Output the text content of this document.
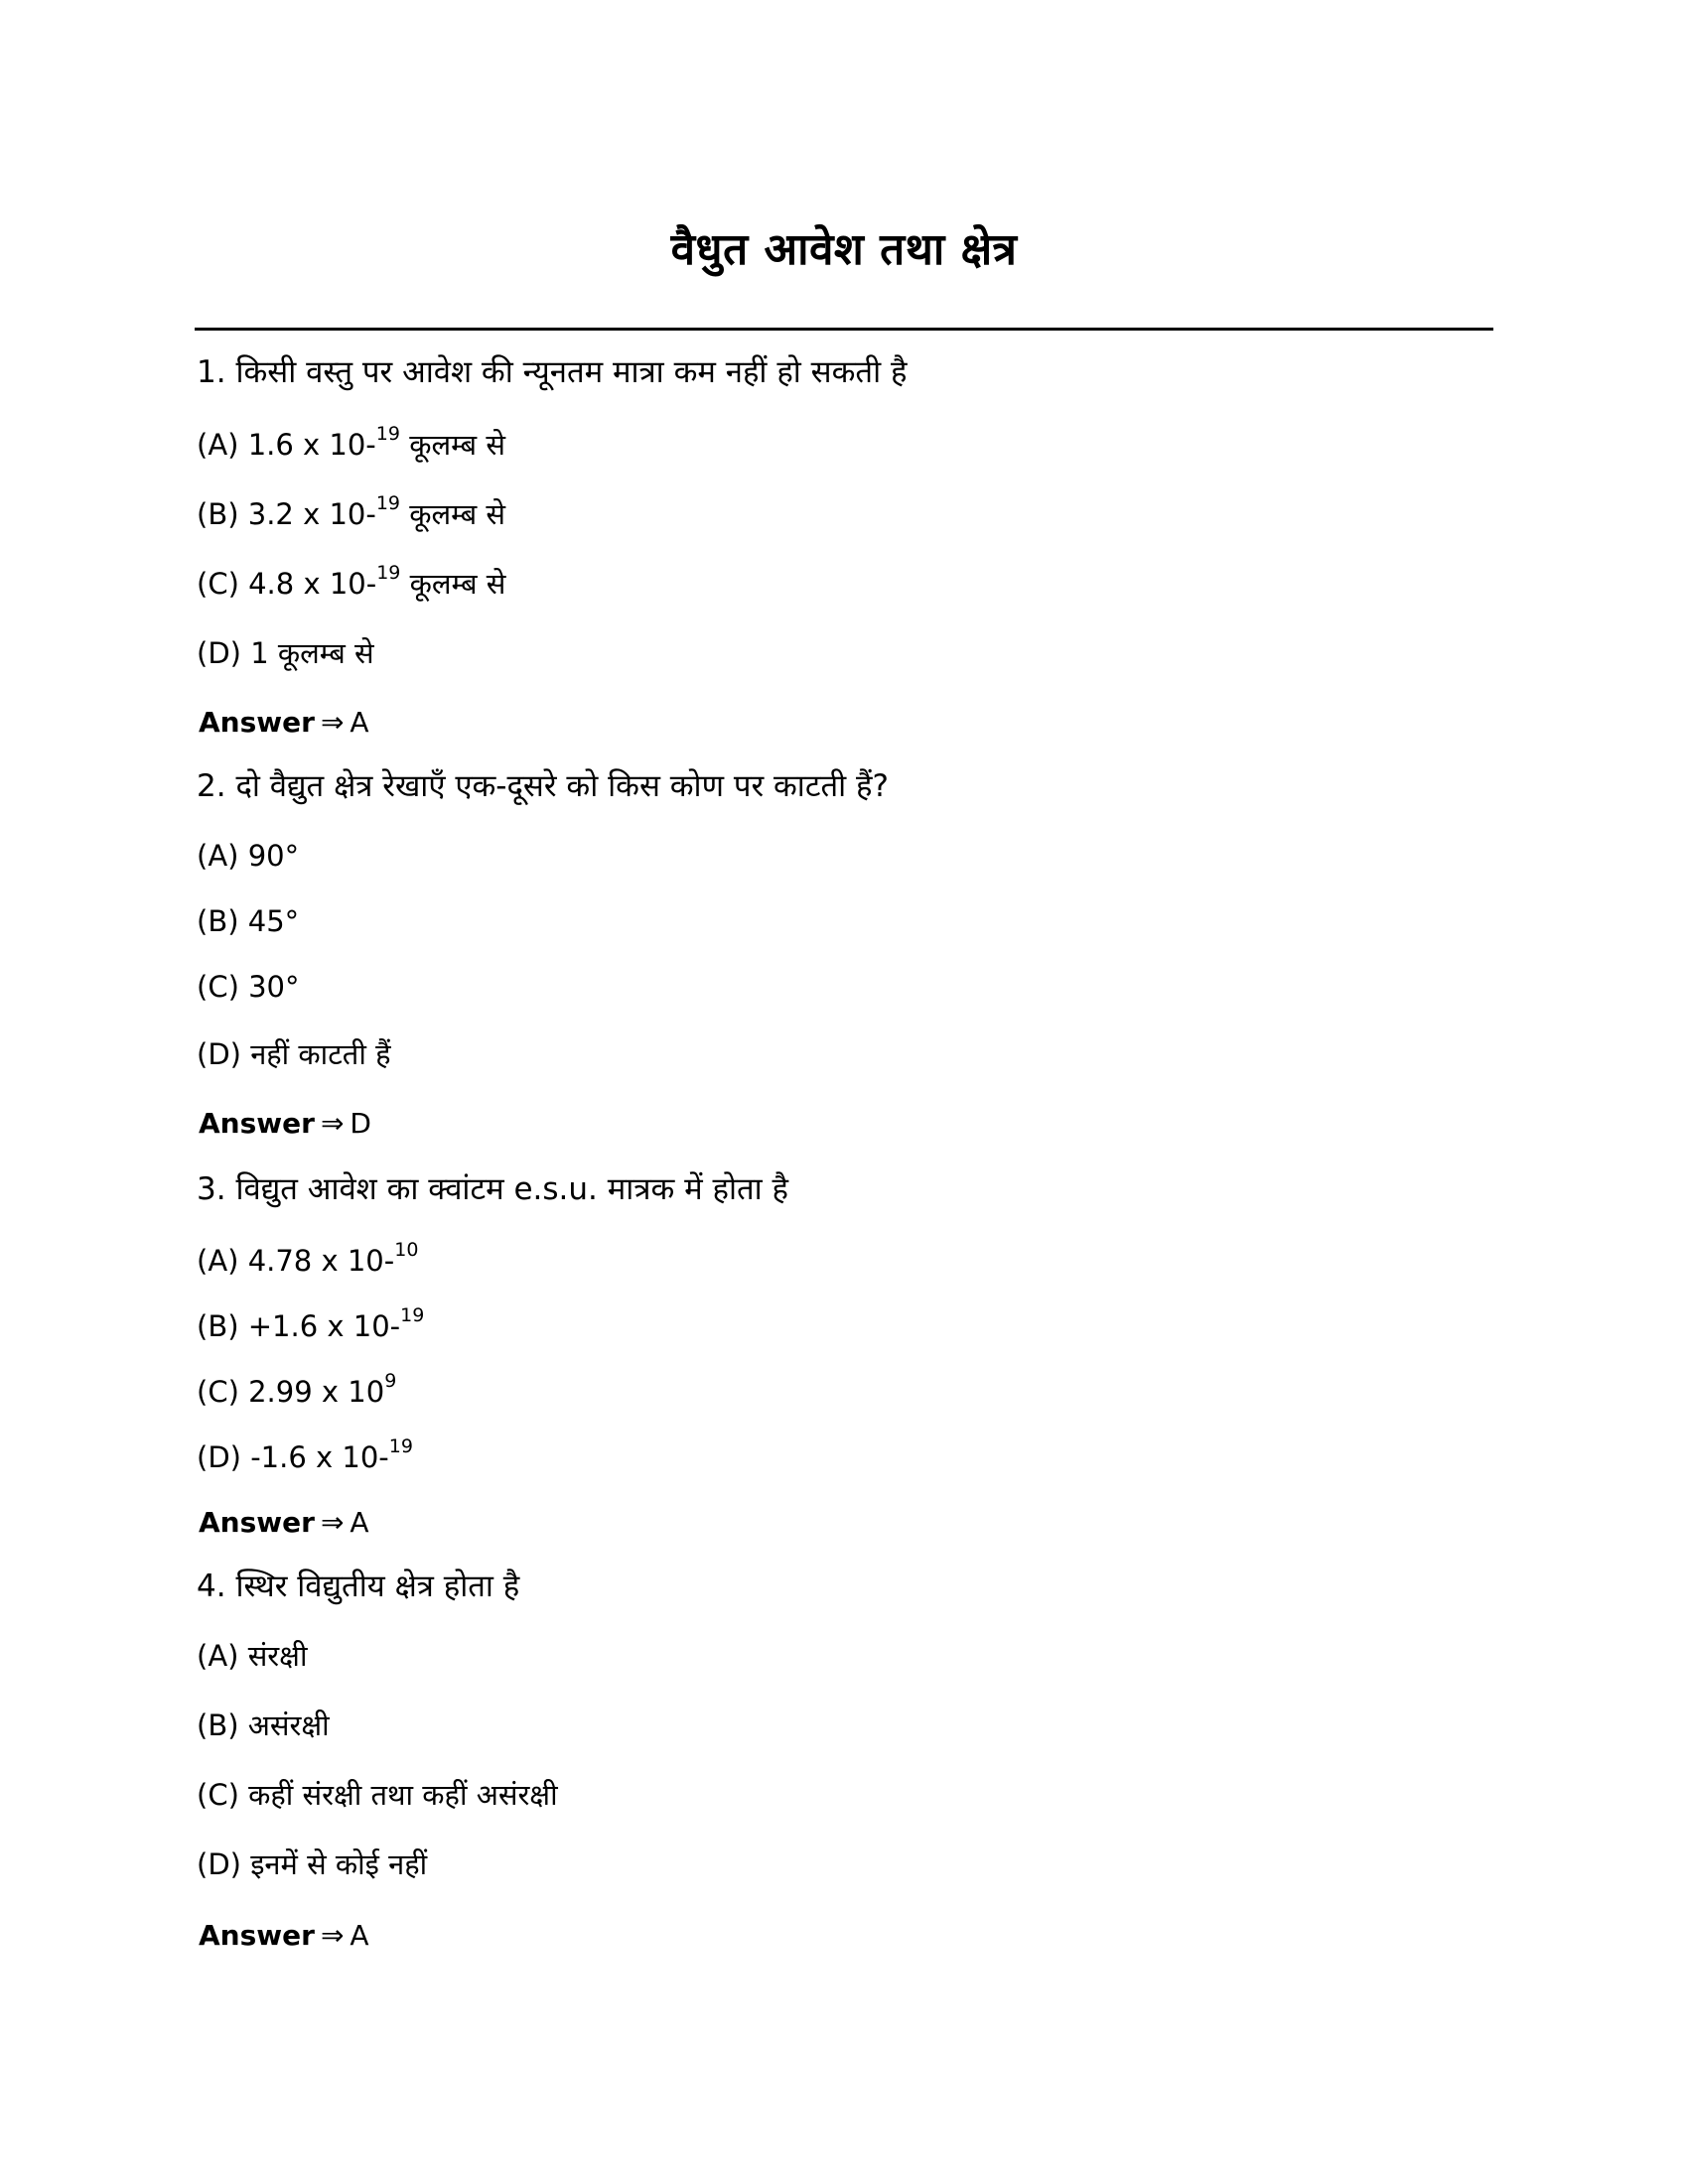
वैधुत आवेश तथा क्षेत्र
1. किसी वस्तु पर आवेश की न्यूनतम मात्रा कम नहीं हो सकती है
(A) 1.6 x 10-$^{19}$ कूलम्ब से
(B) 3.2 x 10-$^{19}$ कूलम्ब से
(C) 4.8 x 10-$^{19}$ कूलम्ब से
(D) 1 कूलम्ब से
Answer ⇒ A
2. दो वैद्युत क्षेत्र रेखाएँ एक-दूसरे को किस कोण पर काटती हैं?
(A) 90°
(B) 45°
(C) 30°
(D) नहीं काटती हैं
Answer ⇒ D
3. विद्युत आवेश का क्वांटम e.s.u. मात्रक में होता है
(A) 4.78 x 10-$^{10}$
(B) +1.6 x 10-$^{19}$
(C) 2.99 x $10^9$
(D) -1.6 x 10-$^{19}$
Answer ⇒ A
4. स्थिर विद्युतीय क्षेत्र होता है
(A) संरक्षी
(B) असंरक्षी
(C) कहीं संरक्षी तथा कहीं असंरक्षी
(D) इनमें से कोई नहीं
Answer ⇒ A
